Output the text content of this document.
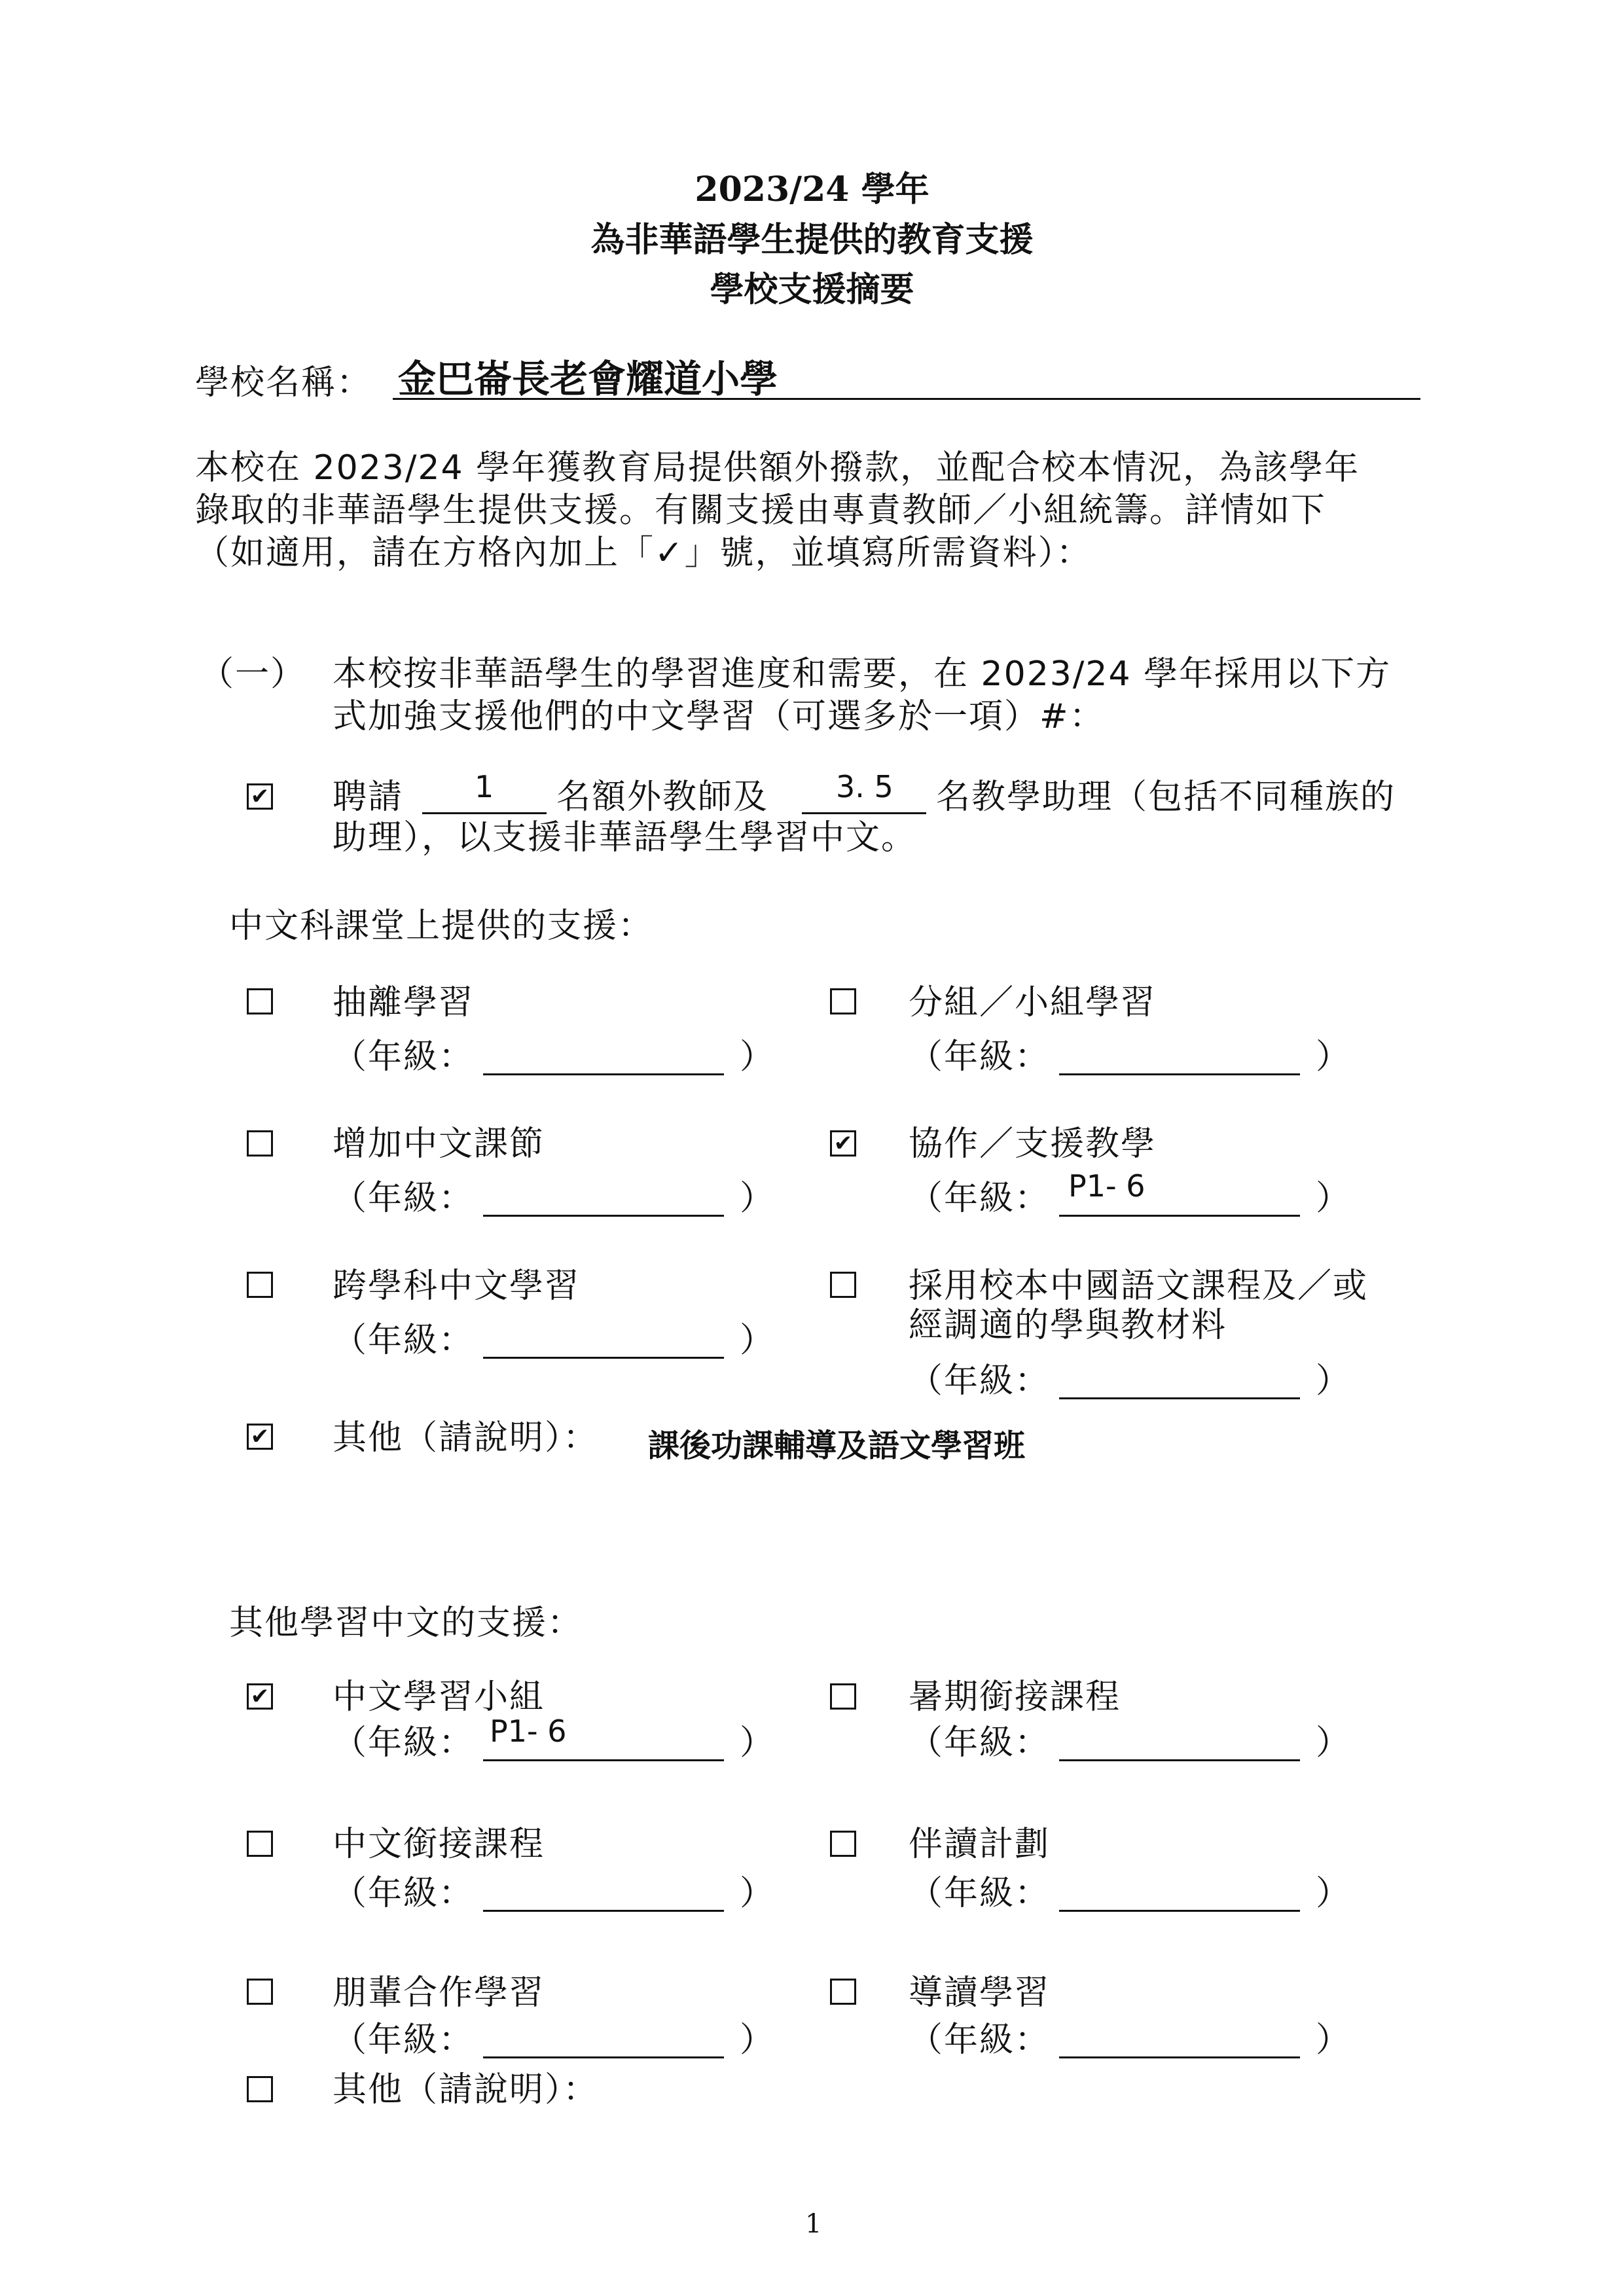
2023/24 學年
為非華語學生提供的教育支援
學校支援摘要
學校名稱： 金巴崙長老會耀道小學
本校在 2023/24 學年獲教育局提供額外撥款，並配合校本情況，為該學年
錄取的非華語學生提供支援。有關支援由專責教師／小組統籌。詳情如下
（如適用，請在方格內加上「✓」號，並填寫所需資料）：
（一） 本校按非華語學生的學習進度和需要，在 2023/24 學年採用以下方
式加強支援他們的中文學習（可選多於一項）#：
✔ 聘請 1 名額外教師及 3. 5 名教學助理（包括不同種族的
助理），以支援非華語學生學習中文。
中文科課堂上提供的支援：
抽離學習
（年級：	）
分組／小組學習
（年級：	）
增加中文課節
（年級：	）
✔ 協作／支援教學
（年級： P1- 6	）
跨學科中文學習
（年級：	）
採用校本中國語文課程及／或
經調適的學與教材料
（年級：	）
✔ 其他（請說明）： 課後功課輔導及語文學習班
其他學習中文的支援：
✔ 中文學習小組
（年級： P1- 6	）
暑期銜接課程
（年級：	）
中文銜接課程
（年級：	）
伴讀計劃
（年級：	）
朋輩合作學習
（年級：	）
導讀學習
（年級：	）
其他（請說明）：
1
